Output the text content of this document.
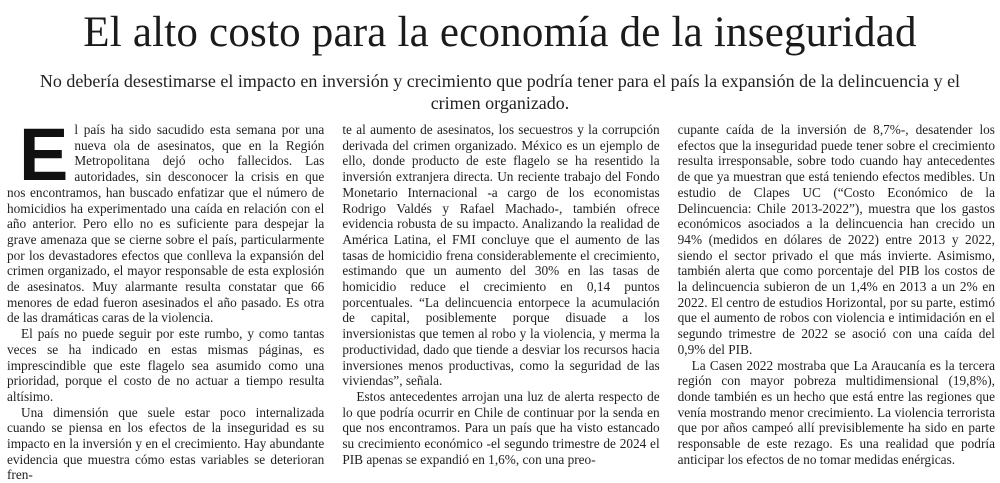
El alto costo para la economía de la inseguridad

No debería desestimarse el impacto en inversión y crecimiento que podría tener para el país la expansión de la delincuencia y el crimen organizado.

El país ha sido sacudido esta semana por una nueva ola de asesinatos, que en la Región Metropolitana dejó ocho fallecidos. Las autoridades, sin desconocer la crisis en que nos encontramos, han buscado enfatizar que el número de homicidios ha experimentado una caída en relación con el año anterior. Pero ello no es suficiente para despejar la grave amenaza que se cierne sobre el país, particularmente por los devastadores efectos que conlleva la expansión del crimen organizado, el mayor responsable de esta explosión de asesinatos. Muy alarmante resulta constatar que 66 menores de edad fueron asesinados el año pasado. Es otra de las dramáticas caras de la violencia.

El país no puede seguir por este rumbo, y como tantas veces se ha indicado en estas mismas páginas, es imprescindible que este flagelo sea asumido como una prioridad, porque el costo de no actuar a tiempo resulta altísimo.

Una dimensión que suele estar poco internalizada cuando se piensa en los efectos de la inseguridad es su impacto en la inversión y en el crecimiento. Hay abundante evidencia que muestra cómo estas variables se deterioran fren-

te al aumento de asesinatos, los secuestros y la corrupción derivada del crimen organizado. México es un ejemplo de ello, donde producto de este flagelo se ha resentido la inversión extranjera directa. Un reciente trabajo del Fondo Monetario Internacional -a cargo de los economistas Rodrigo Valdés y Rafael Machado-, también ofrece evidencia robusta de su impacto. Analizando la realidad de América Latina, el FMI concluye que el aumento de las tasas de homicidio frena considerablemente el crecimiento, estimando que un aumento del 30% en las tasas de homicidio reduce el crecimiento en 0,14 puntos porcentuales. “La delincuencia entorpece la acumulación de capital, posiblemente porque disuade a los inversionistas que temen al robo y la violencia, y merma la productividad, dado que tiende a desviar los recursos hacia inversiones menos productivas, como la seguridad de las viviendas”, señala.

Estos antecedentes arrojan una luz de alerta respecto de lo que podría ocurrir en Chile de continuar por la senda en que nos encontramos. Para un país que ha visto estancado su crecimiento económico -el segundo trimestre de 2024 el PIB apenas se expandió en 1,6%, con una preo-

cupante caída de la inversión de 8,7%-, desatender los efectos que la inseguridad puede tener sobre el crecimiento resulta irresponsable, sobre todo cuando hay antecedentes de que ya muestran que está teniendo efectos medibles. Un estudio de Clapes UC (“Costo Económico de la Delincuencia: Chile 2013-2022”), muestra que los gastos económicos asociados a la delincuencia han crecido un 94% (medidos en dólares de 2022) entre 2013 y 2022, siendo el sector privado el que más invierte. Asimismo, también alerta que como porcentaje del PIB los costos de la delincuencia subieron de un 1,4% en 2013 a un 2% en 2022. El centro de estudios Horizontal, por su parte, estimó que el aumento de robos con violencia e intimidación en el segundo trimestre de 2022 se asoció con una caída del 0,9% del PIB.

La Casen 2022 mostraba que La Araucanía es la tercera región con mayor pobreza multidimensional (19,8%), donde también es un hecho que está entre las regiones que venía mostrando menor crecimiento. La violencia terrorista que por años campeó allí previsiblemente ha sido en parte responsable de este rezago. Es una realidad que podría anticipar los efectos de no tomar medidas enérgicas.
